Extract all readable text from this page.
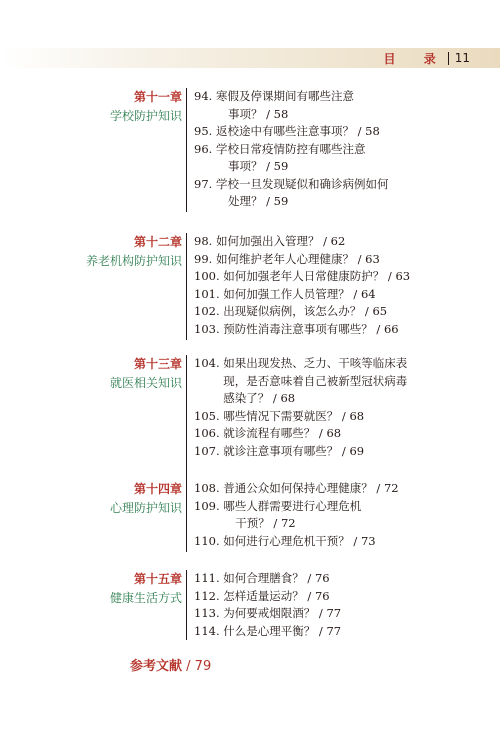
目 录 11
第十一章
学校防护知识
94.
寒假及停课期间有哪些注意
事项？ / 58
95.
返校途中有哪些注意事项？ / 58
96.
学校日常疫情防控有哪些注意
事项？ / 59
97.
学校一旦发现疑似和确诊病例如何
处理？ / 59
第十二章
养老机构防护知识
98.
如何加强出入管理？ / 62
99.
如何维护老年人心理健康？ / 63
100.
如何加强老年人日常健康防护？ / 63
101.
如何加强工作人员管理？ / 64
102.
出现疑似病例，该怎么办？ / 65
103.
预防性消毒注意事项有哪些？ / 66
第十三章
就医相关知识
104.
如果出现发热、乏力、干咳等临床表
现，是否意味着自己被新型冠状病毒
感染了？ / 68
105.
哪些情况下需要就医？ / 68
106.
就诊流程有哪些？ / 68
107.
就诊注意事项有哪些？ / 69
第十四章
心理防护知识
108.
普通公众如何保持心理健康？ / 72
109.
哪些人群需要进行心理危机
干预？ / 72
110.
如何进行心理危机干预？ / 73
第十五章
健康生活方式
111.
如何合理膳食？ / 76
112.
怎样适量运动？ / 76
113.
为何要戒烟限酒？ / 77
114.
什么是心理平衡？ / 77
参考文献 / 79
